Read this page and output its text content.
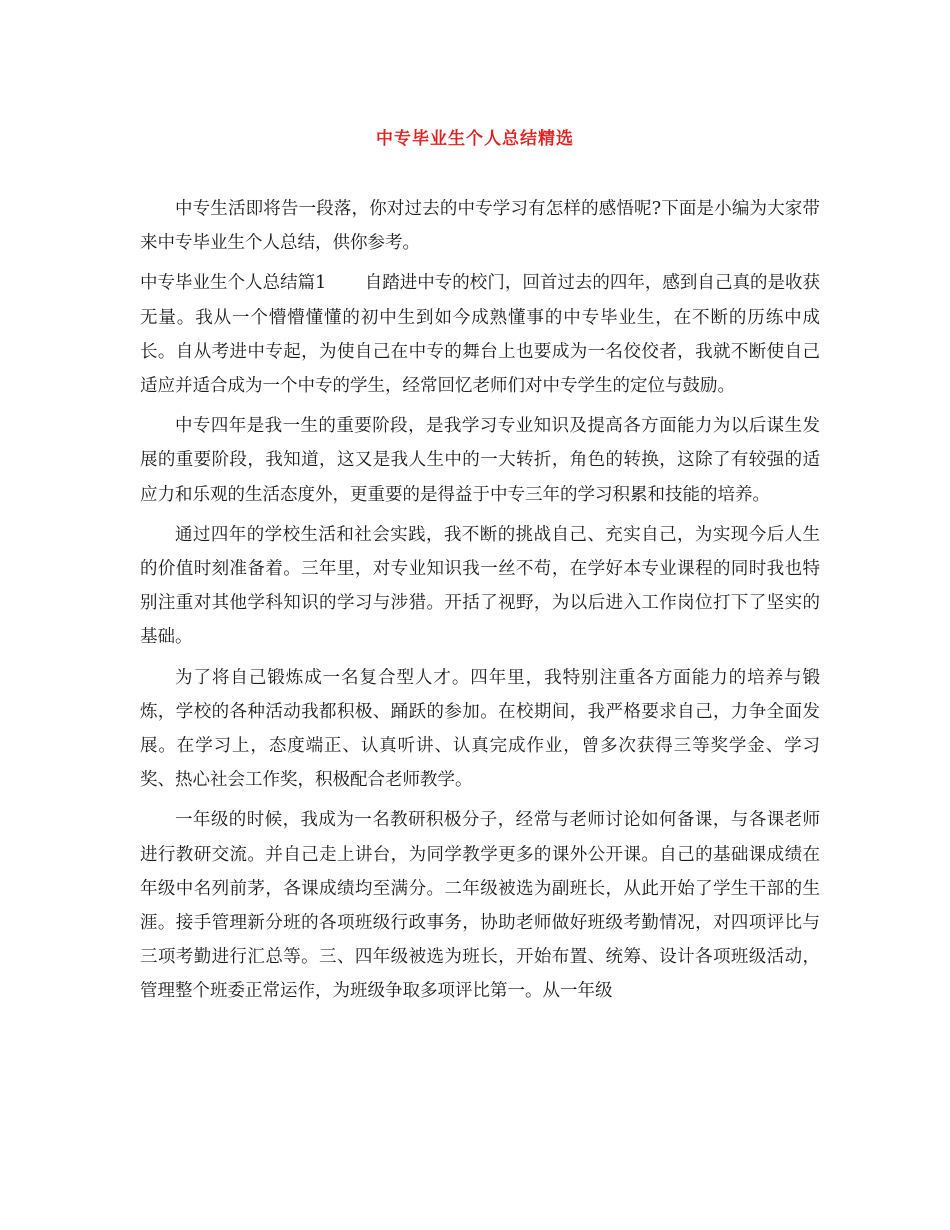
中专毕业生个人总结精选

中专生活即将告一段落，你对过去的中专学习有怎样的感悟呢?下面是小编为大家带来中专毕业生个人总结，供你参考。

中专毕业生个人总结篇1 自踏进中专的校门，回首过去的四年，感到自己真的是收获无量。我从一个懵懵懂懂的初中生到如今成熟懂事的中专毕业生，在不断的历练中成长。自从考进中专起，为使自己在中专的舞台上也要成为一名佼佼者，我就不断使自己适应并适合成为一个中专的学生，经常回忆老师们对中专学生的定位与鼓励。

中专四年是我一生的重要阶段，是我学习专业知识及提高各方面能力为以后谋生发展的重要阶段，我知道，这又是我人生中的一大转折，角色的转换，这除了有较强的适应力和乐观的生活态度外，更重要的是得益于中专三年的学习积累和技能的培养。

通过四年的学校生活和社会实践，我不断的挑战自己、充实自己，为实现今后人生的价值时刻准备着。三年里，对专业知识我一丝不苟，在学好本专业课程的同时我也特别注重对其他学科知识的学习与涉猎。开括了视野，为以后进入工作岗位打下了坚实的基础。

为了将自己锻炼成一名复合型人才。四年里，我特别注重各方面能力的培养与锻炼，学校的各种活动我都积极、踊跃的参加。在校期间，我严格要求自己，力争全面发展。在学习上，态度端正、认真听讲、认真完成作业，曾多次获得三等奖学金、学习奖、热心社会工作奖，积极配合老师教学。

一年级的时候，我成为一名教研积极分子，经常与老师讨论如何备课，与各课老师进行教研交流。并自己走上讲台，为同学教学更多的课外公开课。自己的基础课成绩在年级中名列前茅，各课成绩均至满分。二年级被选为副班长，从此开始了学生干部的生涯。接手管理新分班的各项班级行政事务，协助老师做好班级考勤情况，对四项评比与三项考勤进行汇总等。三、四年级被选为班长，开始布置、统筹、设计各项班级活动，管理整个班委正常运作，为班级争取多项评比第一。从一年级
